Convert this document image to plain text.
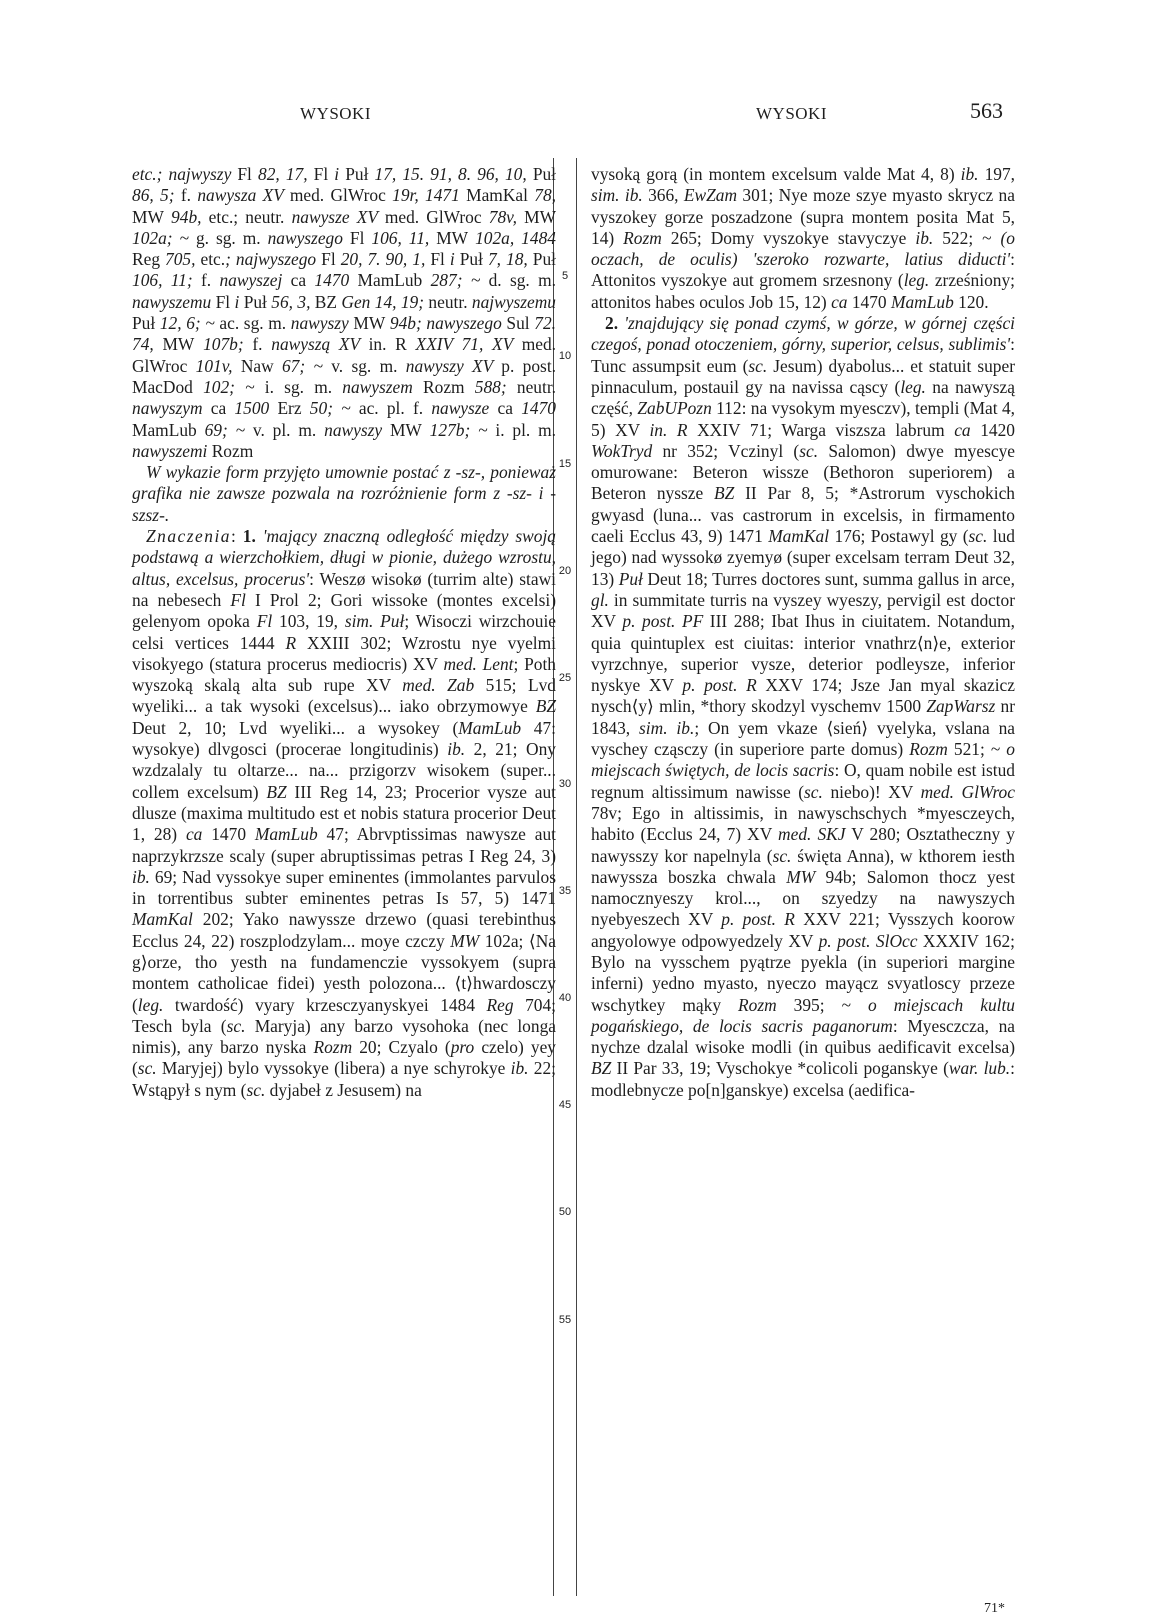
WYSOKI	WYSOKI	563
5
10
15
20
25
30
35
40
45
50
55

etc.; najwyszy Fl 82, 17, Fl i Puł 17, 15. 91, 8. 96, 10, Puł 86, 5; f. nawysza XV med. GlWroc 19r, 1471 MamKal 78, MW 94b, etc.; neutr. nawysze XV med. GlWroc 78v, MW 102a; ~ g. sg. m. nawyszego Fl 106, 11, MW 102a, 1484 Reg 705, etc.; najwyszego Fl 20, 7. 90, 1, Fl i Puł 7, 18, Puł 106, 11; f. nawyszej ca 1470 MamLub 287; ~ d. sg. m. nawyszemu Fl i Puł 56, 3, BZ Gen 14, 19; neutr. najwyszemu Puł 12, 6; ~ ac. sg. m. nawyszy MW 94b; nawyszego Sul 72. 74, MW 107b; f. nawyszą XV in. R XXIV 71, XV med. GlWroc 101v, Naw 67; ~ v. sg. m. nawyszy XV p. post. MacDod 102; ~ i. sg. m. nawyszem Rozm 588; neutr. nawyszym ca 1500 Erz 50; ~ ac. pl. f. nawysze ca 1470 MamLub 69; ~ v. pl. m. nawyszy MW 127b; ~ i. pl. m. nawyszemi Rozm

W wykazie form przyjęto umownie postać z -sz-, ponieważ grafika nie zawsze pozwala na rozróżnienie form z -sz- i -szsz-.

Znaczenia: 1. 'mający znaczną odległość między swoją podstawą a wierzchołkiem, długi w pionie, dużego wzrostu, altus, excelsus, procerus': Weszø wisokø (turrim alte) stawi na nebesech Fl I Prol 2; Gori wissoke (montes excelsi) gelenyom opoka Fl 103, 19, sim. Puł; Wisoczi wirzchouie celsi vertices 1444 R XXIII 302; Wzrostu nye vyelmi visokyego (statura procerus mediocris) XV med. Lent; Poth wyszoką skalą alta sub rupe XV med. Zab 515; Lvd wyeliki... a tak wysoki (excelsus)... iako obrzymowye BZ Deut 2, 10; Lvd wyeliki... a wysokey (MamLub 47: wysokye) dlvgosci (procerae longitudinis) ib. 2, 21; Ony wzdzalaly tu oltarze... na... przigorzv wisokem (super... collem excelsum) BZ III Reg 14, 23; Procerior vysze aut dlusze (maxima multitudo est et nobis statura procerior Deut 1, 28) ca 1470 MamLub 47; Abrvptissimas nawysze aut naprzykrzsze scaly (super abruptissimas petras I Reg 24, 3) ib. 69; Nad vyssokye super eminentes (immolantes parvulos in torrentibus subter eminentes petras Is 57, 5) 1471 MamKal 202; Yako nawyssze drzewo (quasi terebinthus Ecclus 24, 22) roszplodzylam... moye czczy MW 102a; ⟨Na g⟩orze, tho yesth na fundamenczie vyssokyem (supra montem catholicae fidei) yesth polozona... ⟨t⟩hwardosczy (leg. twardość) vyary krzesczyanyskyei 1484 Reg 704; Tesch byla (sc. Maryja) any barzo vysohoka (nec longa nimis), any barzo nyska Rozm 20; Czyalo (pro czelo) yey (sc. Maryjej) bylo vyssokye (libera) a nye schyrokye ib. 22; Wstąpył s nym (sc. dyjabeł z Jesusem) na

vysoką gorą (in montem excelsum valde Mat 4, 8) ib. 197, sim. ib. 366, EwZam 301; Nye moze szye myasto skrycz na vyszokey gorze poszadzone (supra montem posita Mat 5, 14) Rozm 265; Domy vyszokye stavyczye ib. 522; ~ (o oczach, de oculis) 'szeroko rozwarte, latius diducti': Attonitos vyszokye aut gromem srzesnony (leg. zrześniony; attonitos habes oculos Job 15, 12) ca 1470 MamLub 120.

2. 'znajdujący się ponad czymś, w górze, w górnej części czegoś, ponad otoczeniem, górny, superior, celsus, sublimis': Tunc assumpsit eum (sc. Jesum) dyabolus... et statuit super pinnaculum, postauil gy na navissa cąscy (leg. na nawyszą część, ZabUPozn 112: na vysokym myesczv), templi (Mat 4, 5) XV in. R XXIV 71; Warga viszsza labrum ca 1420 WokTryd nr 352; Vczinyl (sc. Salomon) dwye myescye omurowane: Beteron wissze (Bethoron superiorem) a Beteron nyssze BZ II Par 8, 5; *Astrorum vyschokich gwyasd (luna... vas castrorum in excelsis, in firmamento caeli Ecclus 43, 9) 1471 MamKal 176; Postawyl gy (sc. lud jego) nad wyssokø zyemyø (super excelsam terram Deut 32, 13) Puł Deut 18; Turres doctores sunt, summa gallus in arce, gl. in summitate turris na vyszey wyeszy, pervigil est doctor XV p. post. PF III 288; Ibat Ihus in ciuitatem. Notandum, quia quintuplex est ciuitas: interior vnathrz⟨n⟩e, exterior vyrzchnye, superior vysze, deterior podleysze, inferior nyskye XV p. post. R XXV 174; Jsze Jan myal skazicz nysch⟨y⟩ mlin, *thory skodzyl vyschemv 1500 ZapWarsz nr 1843, sim. ib.; On yem vkaze ⟨sień⟩ vyelyka, vslana na vyschey cząsczy (in superiore parte domus) Rozm 521; ~ o miejscach świętych, de locis sacris: O, quam nobile est istud regnum altissimum nawisse (sc. niebo)! XV med. GlWroc 78v; Ego in altissimis, in nawyschschych *myesczeych, habito (Ecclus 24, 7) XV med. SKJ V 280; Osztatheczny y nawysszy kor napelnyla (sc. święta Anna), w kthorem iesth nawyssza boszka chwala MW 94b; Salomon thocz yest namocznyeszy krol..., on szyedzy na nawyszych nyebyeszech XV p. post. R XXV 221; Vysszych koorow angyolowye odpowyedzely XV p. post. SlOcc XXXIV 162; Bylo na vysschem pyątrze pyekla (in superiori margine inferni) yedno myasto, nyeczo mayącz svyatloscy przeze wschytkey mąky Rozm 395; ~ o miejscach kultu pogańskiego, de locis sacris paganorum: Myesczcza, na nychze dzalal wisoke modli (in quibus aedificavit excelsa) BZ II Par 33, 19; Vyschokye *colicoli poganskye (war. lub.: modlebnycze po[n]ganskye) excelsa (aedifica-

71*
